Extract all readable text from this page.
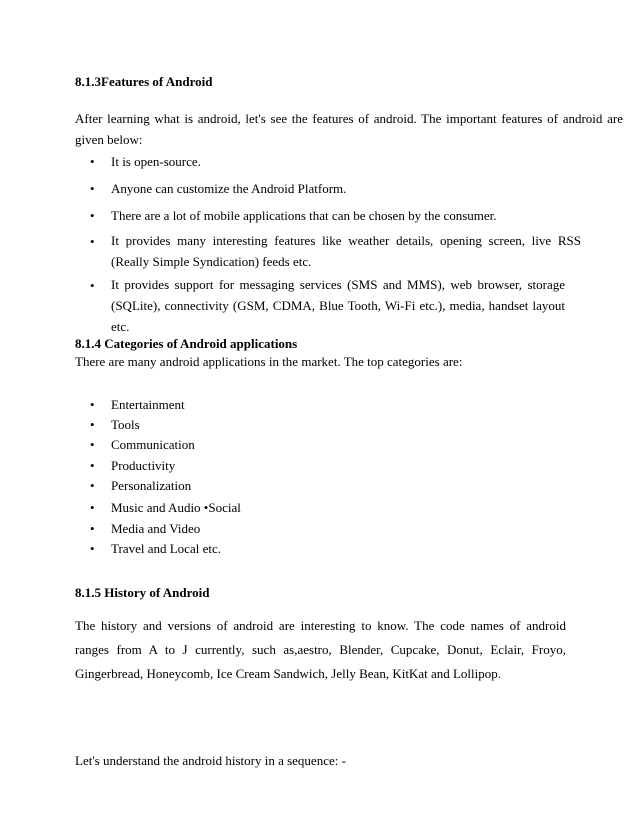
8.1.3Features of Android
After learning what is android, let's see the features of android. The important features of android are given below:
• It is open-source.
• Anyone can customize the Android Platform.
• There are a lot of mobile applications that can be chosen by the consumer.
• It provides many interesting features like weather details, opening screen, live RSS (Really Simple Syndication) feeds etc.
• It provides support for messaging services (SMS and MMS), web browser, storage (SQLite), connectivity (GSM, CDMA, Blue Tooth, Wi-Fi etc.), media, handset layout etc.
8.1.4 Categories of Android applications
There are many android applications in the market. The top categories are:
• Entertainment
• Tools
• Communication
• Productivity
• Personalization
• Music and Audio •Social
• Media and Video
• Travel and Local etc.
8.1.5 History of Android
The history and versions of android are interesting to know. The code names of android ranges from A to J currently, such as,aestro, Blender, Cupcake, Donut, Eclair, Froyo, Gingerbread, Honeycomb, Ice Cream Sandwich, Jelly Bean, KitKat and Lollipop.
Let's understand the android history in a sequence: -
